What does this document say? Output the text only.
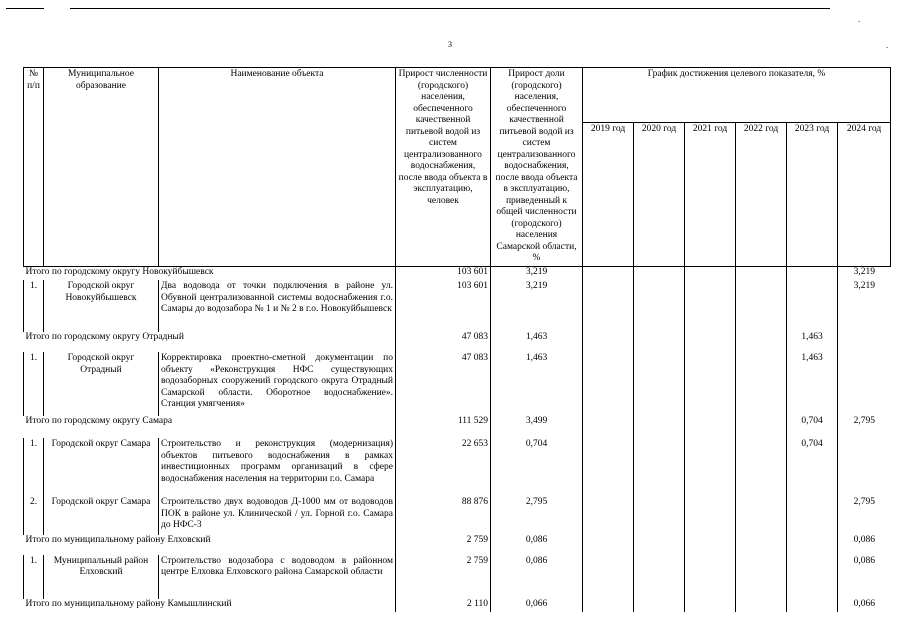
.
.
3
№ п/п	Муниципальное образование	Наименование объекта	Прирост численности (городского) населения, обеспеченного качественной питьевой водой из систем централизованного водоснабжения, после ввода объекта в эксплуатацию, человек	Прирост доли (городского) населения, обеспеченного качественной питьевой водой из систем централизованного водоснабжения, после ввода объекта в эксплуатацию, приведенный к общей численности (городского) населения Самарской области, %	График достижения целевого показателя, %					
					2019 год	2020 год	2021 год	2022 год	2023 год	2024 год
Итого по городскому округу Новокуйбышевск			103 601	3,219						3,219
1.	Городской округ Новокуйбышевск	Два водовода от точки подключения в районе ул. Обувной централизованной системы водоснабжения г.о. Самары до водозабора № 1 и № 2 в г.о. Новокуйбышевск	103 601	3,219						3,219
Итого по городскому округу Отрадный			47 083	1,463					1,463	
1.	Городской округ Отрадный	Корректировка проектно-сметной документации по объекту «Реконструкция НФС существующих водозаборных сооружений городского округа Отрадный Самарской области. Оборотное водоснабжение». Станция умягчения»	47 083	1,463					1,463	
Итого по городскому округу Самара			111 529	3,499					0,704	2,795
1.	Городской округ Самара	Строительство и реконструкция (модернизация) объектов питьевого водоснабжения в рамках инвестиционных программ организаций в сфере водоснабжения населения на территории г.о. Самара	22 653	0,704					0,704	
2.	Городской округ Самара	Строительство двух водоводов Д-1000 мм от водоводов ПОК в районе ул. Клинической / ул. Горной г.о. Самара до НФС-3	88 876	2,795						2,795
Итого по муниципальному району Елховский			2 759	0,086						0,086
1.	Муниципальный район Елховский	Строительство водозабора с водоводом в районном центре Елховка Елховского района Самарской области	2 759	0,086						0,086
Итого по муниципальному району Камышлинский			2 110	0,066						0,066
